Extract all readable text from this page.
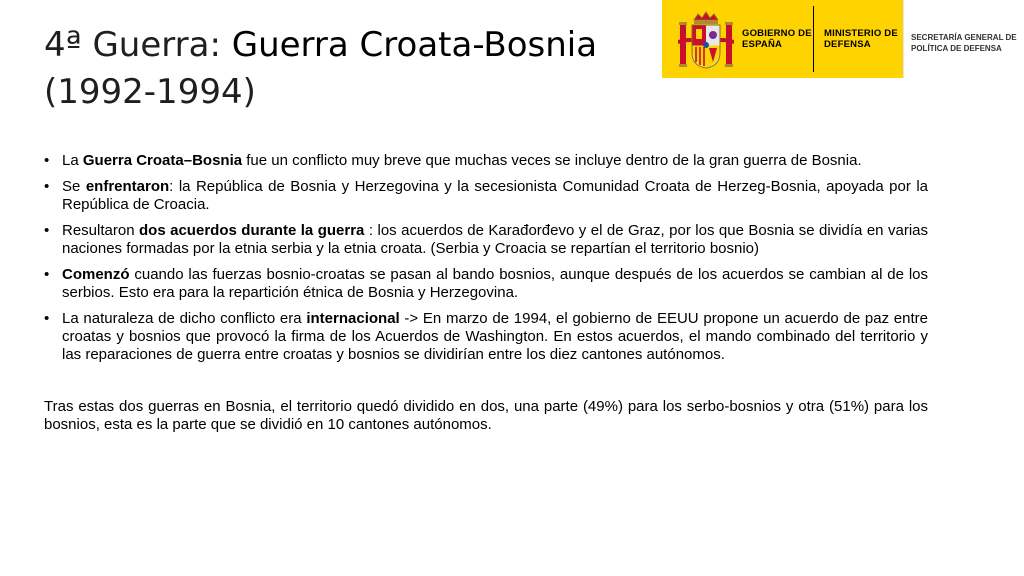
4ª Guerra: Guerra Croata-Bosnia
(1992-1994)
GOBIERNO DE ESPAÑA
MINISTERIO DE DEFENSA
SECRETARÍA GENERAL DE POLÍTICA DE DEFENSA
• La Guerra Croata–Bosnia fue un conflicto muy breve que muchas veces se incluye dentro de la gran guerra de Bosnia.
• Se enfrentaron: la República de Bosnia y Herzegovina y la secesionista Comunidad Croata de Herzeg-Bosnia, apoyada por la República de Croacia.
• Resultaron dos acuerdos durante la guerra : los acuerdos de Karađorđevo y el de Graz, por los que Bosnia se dividía en varias naciones formadas por la etnia serbia y la etnia croata. (Serbia y Croacia se repartían el territorio bosnio)
• Comenzó cuando las fuerzas bosnio-croatas se pasan al bando bosnios, aunque después de los acuerdos se cambian al de los serbios. Esto era para la repartición étnica de Bosnia y Herzegovina.
• La naturaleza de dicho conflicto era internacional -> En marzo de 1994, el gobierno de EEUU propone un acuerdo de paz entre croatas y bosnios que provocó la firma de los Acuerdos de Washington. En estos acuerdos, el mando combinado del territorio y las reparaciones de guerra entre croatas y bosnios se dividirían entre los diez cantones autónomos.

Tras estas dos guerras en Bosnia, el territorio quedó dividido en dos, una parte (49%) para los serbo-bosnios y otra (51%) para los bosnios, esta es la parte que se dividió en 10 cantones autónomos.
